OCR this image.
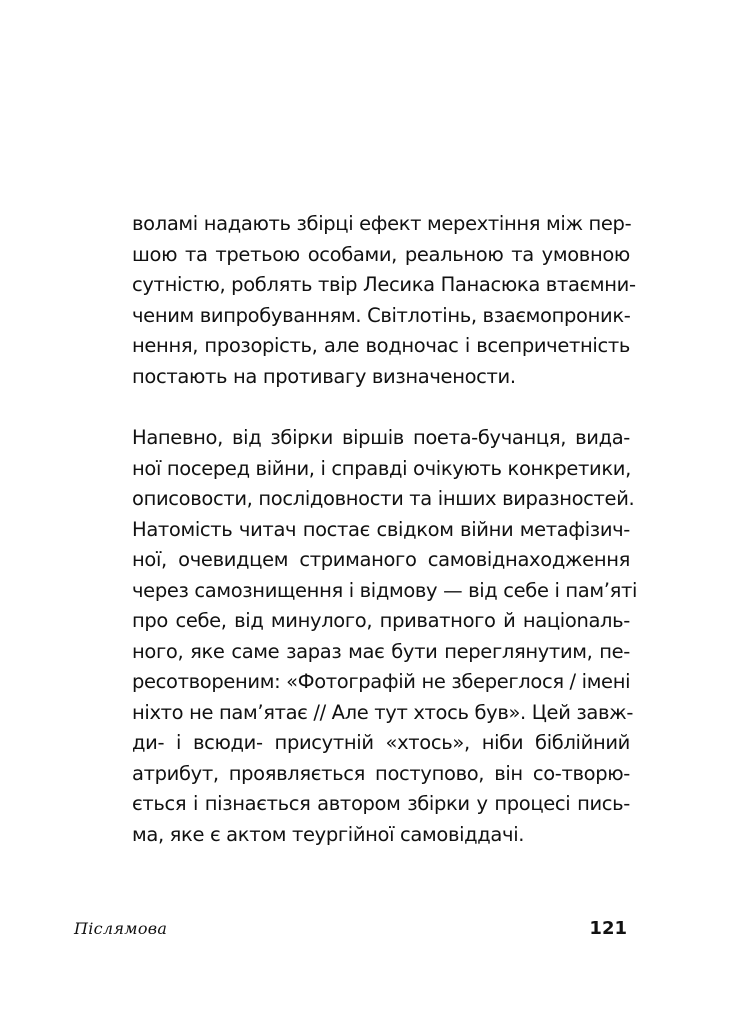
воламі надають збірці ефект мерехтіння між пер-
шою та третьою особами, реальною та умовною
сутністю, роблять твір Лесика Панасюка втаємни-
ченим випробуванням. Світлотінь, взаємопроник-
нення, прозорість, але водночас і всепричетність
постають на противагу визначености.
Напевно, від збірки віршів поета-бучанця, вида-
ної посеред війни, і справді очікують конкретики,
описовости, послідовности та інших виразностей.
Натомість читач постає свідком війни метафізич-
ної, очевидцем стриманого самовіднаходження
через самознищення і відмову — від себе і пам’яті
про себе, від минулого, приватного й націonaль-
ного, яке саме зараз має бути переглянутим, пе-
ресотвореним: «Фотографій не збереглося / імені
ніхто не пам’ятає // Але тут хтось був». Цей завж-
ди- і всюди- присутній «хтось», ніби біблійний
атрибут, проявляється поступово, він со-творю-
ється і пізнається автором збірки у процесі пись-
ма, яке є актом теургійної самовіддачі.
Післямова	121
